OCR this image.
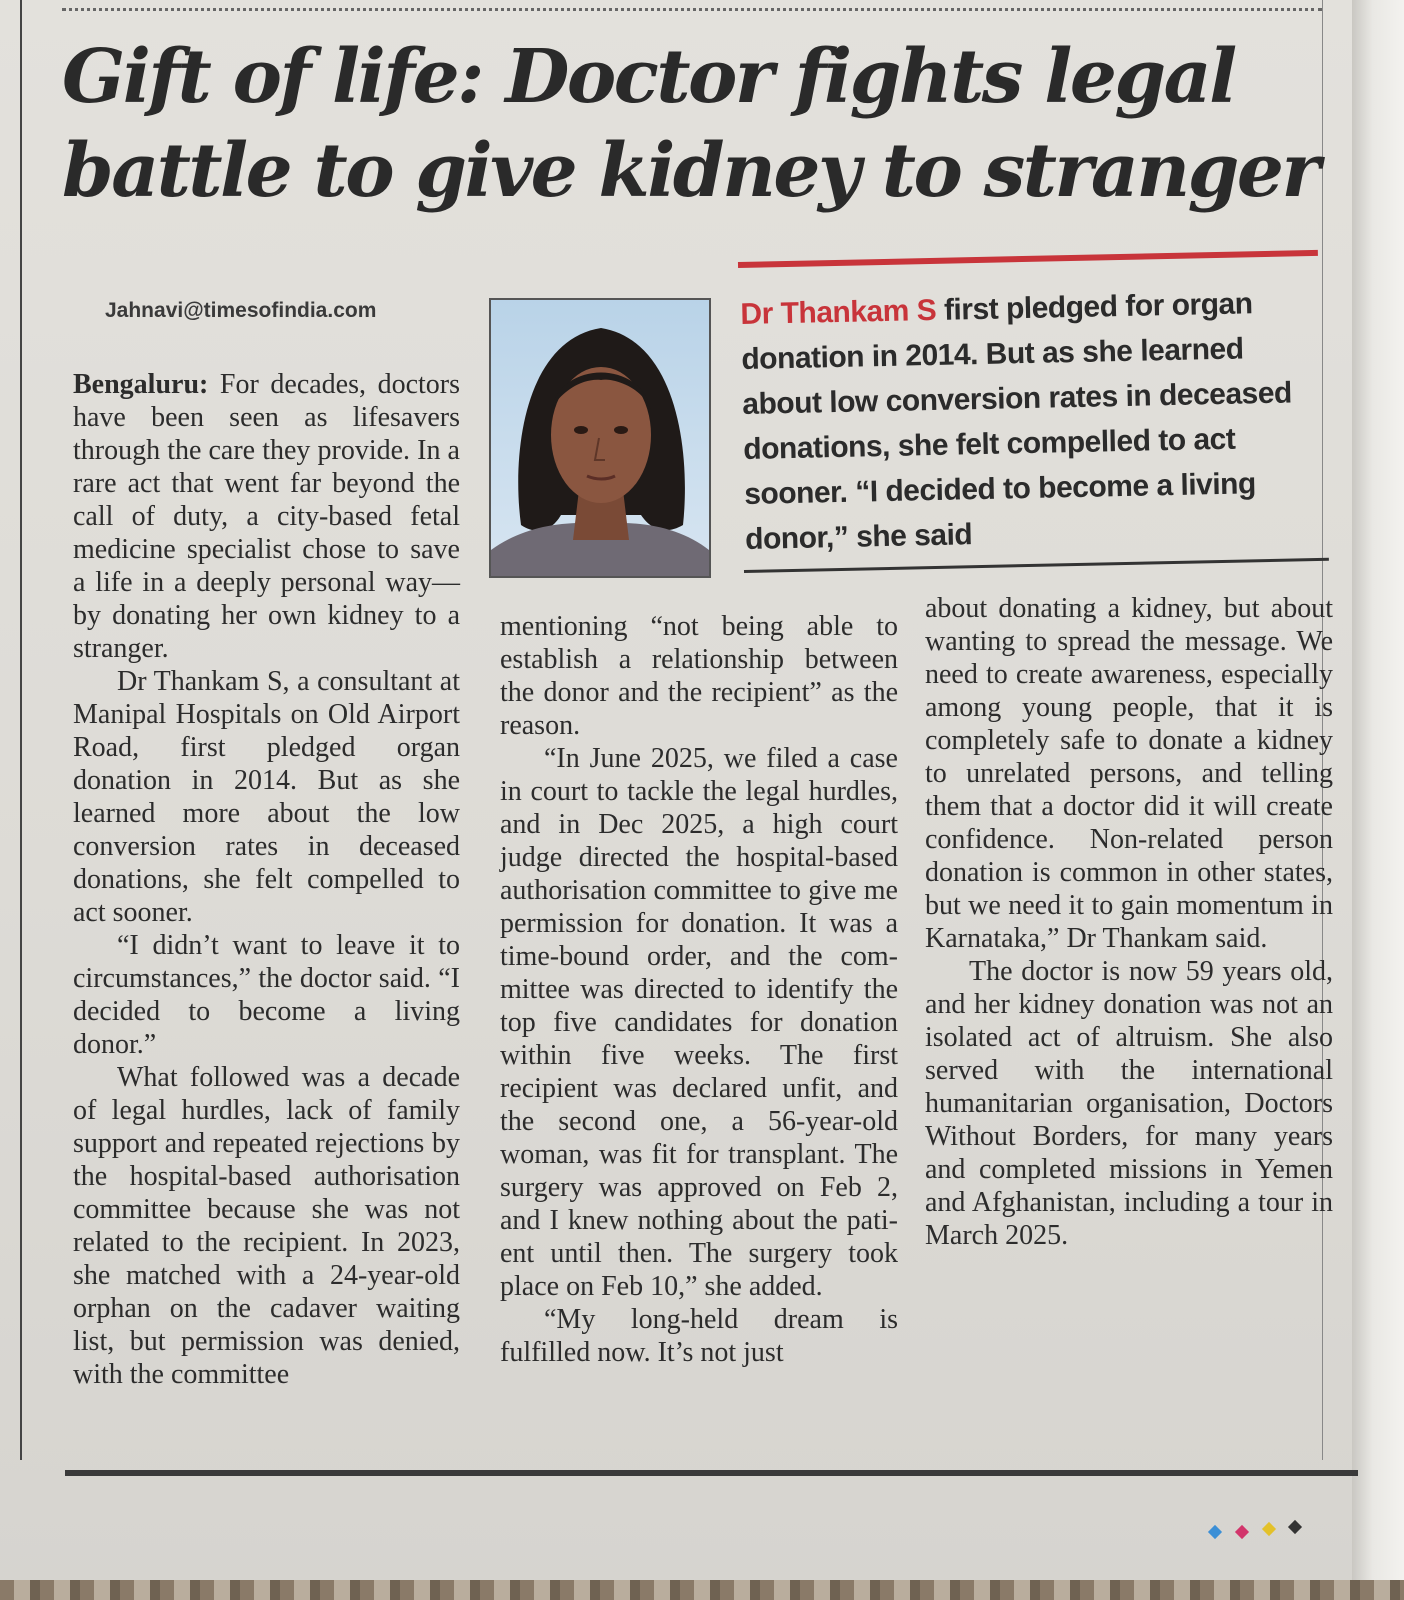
Gift of life: Doctor fights legal battle to give kidney to stranger

Jahnavi@timesofindia.com	Dr Thankam S first pledged for organ donation in 2014. But as she learned about low conversion rates in deceased donations, she felt compelled to act sooner. “I decided to become a living donor,” she said

Bengaluru: For decades, doctors have been seen as lifesavers through the care they provide. In a rare act that went far beyond the call of duty, a city-based fetal medicine specialist chose to save a life in a deeply personal way—by donating her own kidney to a stranger.

Dr Thankam S, a consultant at Manipal Hospitals on Old Airport Road, first pledged organ donation in 2014. But as she learned more about the low conversion rates in deceased donations, she felt compelled to act sooner.

“I didn’t want to leave it to circumstances,” the doctor said. “I decided to become a living donor.”

What followed was a decade of legal hurdles, lack of family support and repeated rejections by the hospital-based authorisation committee because she was not related to the recipient. In 2023, she matched with a 24-year-old orphan on the cadaver waiting list, but permission was denied, with the committee

mentioning “not being able to establish a relationship between the donor and the recipient” as the reason.

“In June 2025, we filed a case in court to tackle the legal hurdles, and in Dec 2025, a high court judge directed the hospital-based authorisation committee to give me permission for donation. It was a time-bound order, and the committee was directed to identify the top five candidates for donation within five weeks. The first recipient was declared unfit, and the second one, a 56-year-old woman, was fit for transplant. The surgery was approved on Feb 2, and I knew nothing about the patient until then. The surgery took place on Feb 10,” she added.

“My long-held dream is fulfilled now. It’s not just

about donating a kidney, but about wanting to spread the message. We need to create awareness, especially among young people, that it is completely safe to donate a kidney to unrelated persons, and telling them that a doctor did it will create confidence. Non-related person donation is common in other states, but we need it to gain momentum in Karnataka,” Dr Thankam said.

The doctor is now 59 years old, and her kidney donation was not an isolated act of altruism. She also served with the international humanitarian organisation, Doctors Without Borders, for many years and completed missions in Yemen and Afghanistan, including a tour in March 2025.
